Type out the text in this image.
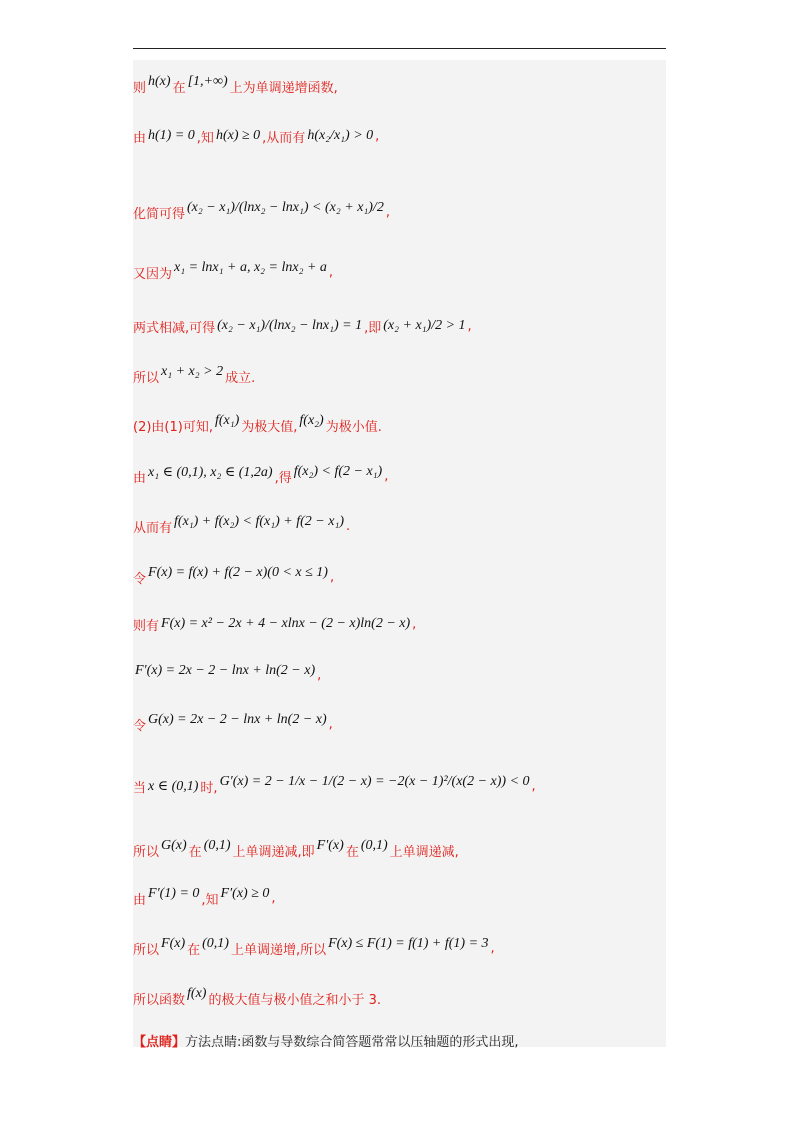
则 h(x) 在 [1,+∞) 上为单调递增函数,
由 h(1) = 0 ,知 h(x) ≥ 0 ,从而有 h(x₂/x₁) > 0 ,
化简可得 (x₂ − x₁)/(lnx₂ − lnx₁) < (x₂ + x₁)/2 ,
又因为 x₁ = lnx₁ + a, x₂ = lnx₂ + a ,
两式相减,可得 (x₂ − x₁)/(lnx₂ − lnx₁) = 1 ,即 (x₂ + x₁)/2 > 1 ,
所以 x₁ + x₂ > 2 成立.
(2)由(1)可知, f(x₁) 为极大值, f(x₂) 为极小值.
由 x₁ ∈ (0,1), x₂ ∈ (1,2a) ,得 f(x₂) < f(2 − x₁) ,
从而有 f(x₁) + f(x₂) < f(x₁) + f(2 − x₁) .
令 F(x) = f(x) + f(2 − x)(0 < x ≤ 1) ,
则有 F(x) = x² − 2x + 4 − xlnx − (2 − x)ln(2 − x) ,
F′(x) = 2x − 2 − lnx + ln(2 − x) ,
令 G(x) = 2x − 2 − lnx + ln(2 − x) ,
当 x ∈ (0,1) 时, G′(x) = 2 − 1/x − 1/(2 − x) = −2(x − 1)²/(x(2 − x)) < 0 ,
所以 G(x) 在 (0,1) 上单调递减,即 F′(x) 在 (0,1) 上单调递减,
由 F′(1) = 0 ,知 F′(x) ≥ 0 ,
所以 F(x) 在 (0,1) 上单调递增,所以 F(x) ≤ F(1) = f(1) + f(1) = 3 ,
所以函数 f(x) 的极大值与极小值之和小于 3.
【点睛】 方法点睛:函数与导数综合简答题常常以压轴题的形式出现,
